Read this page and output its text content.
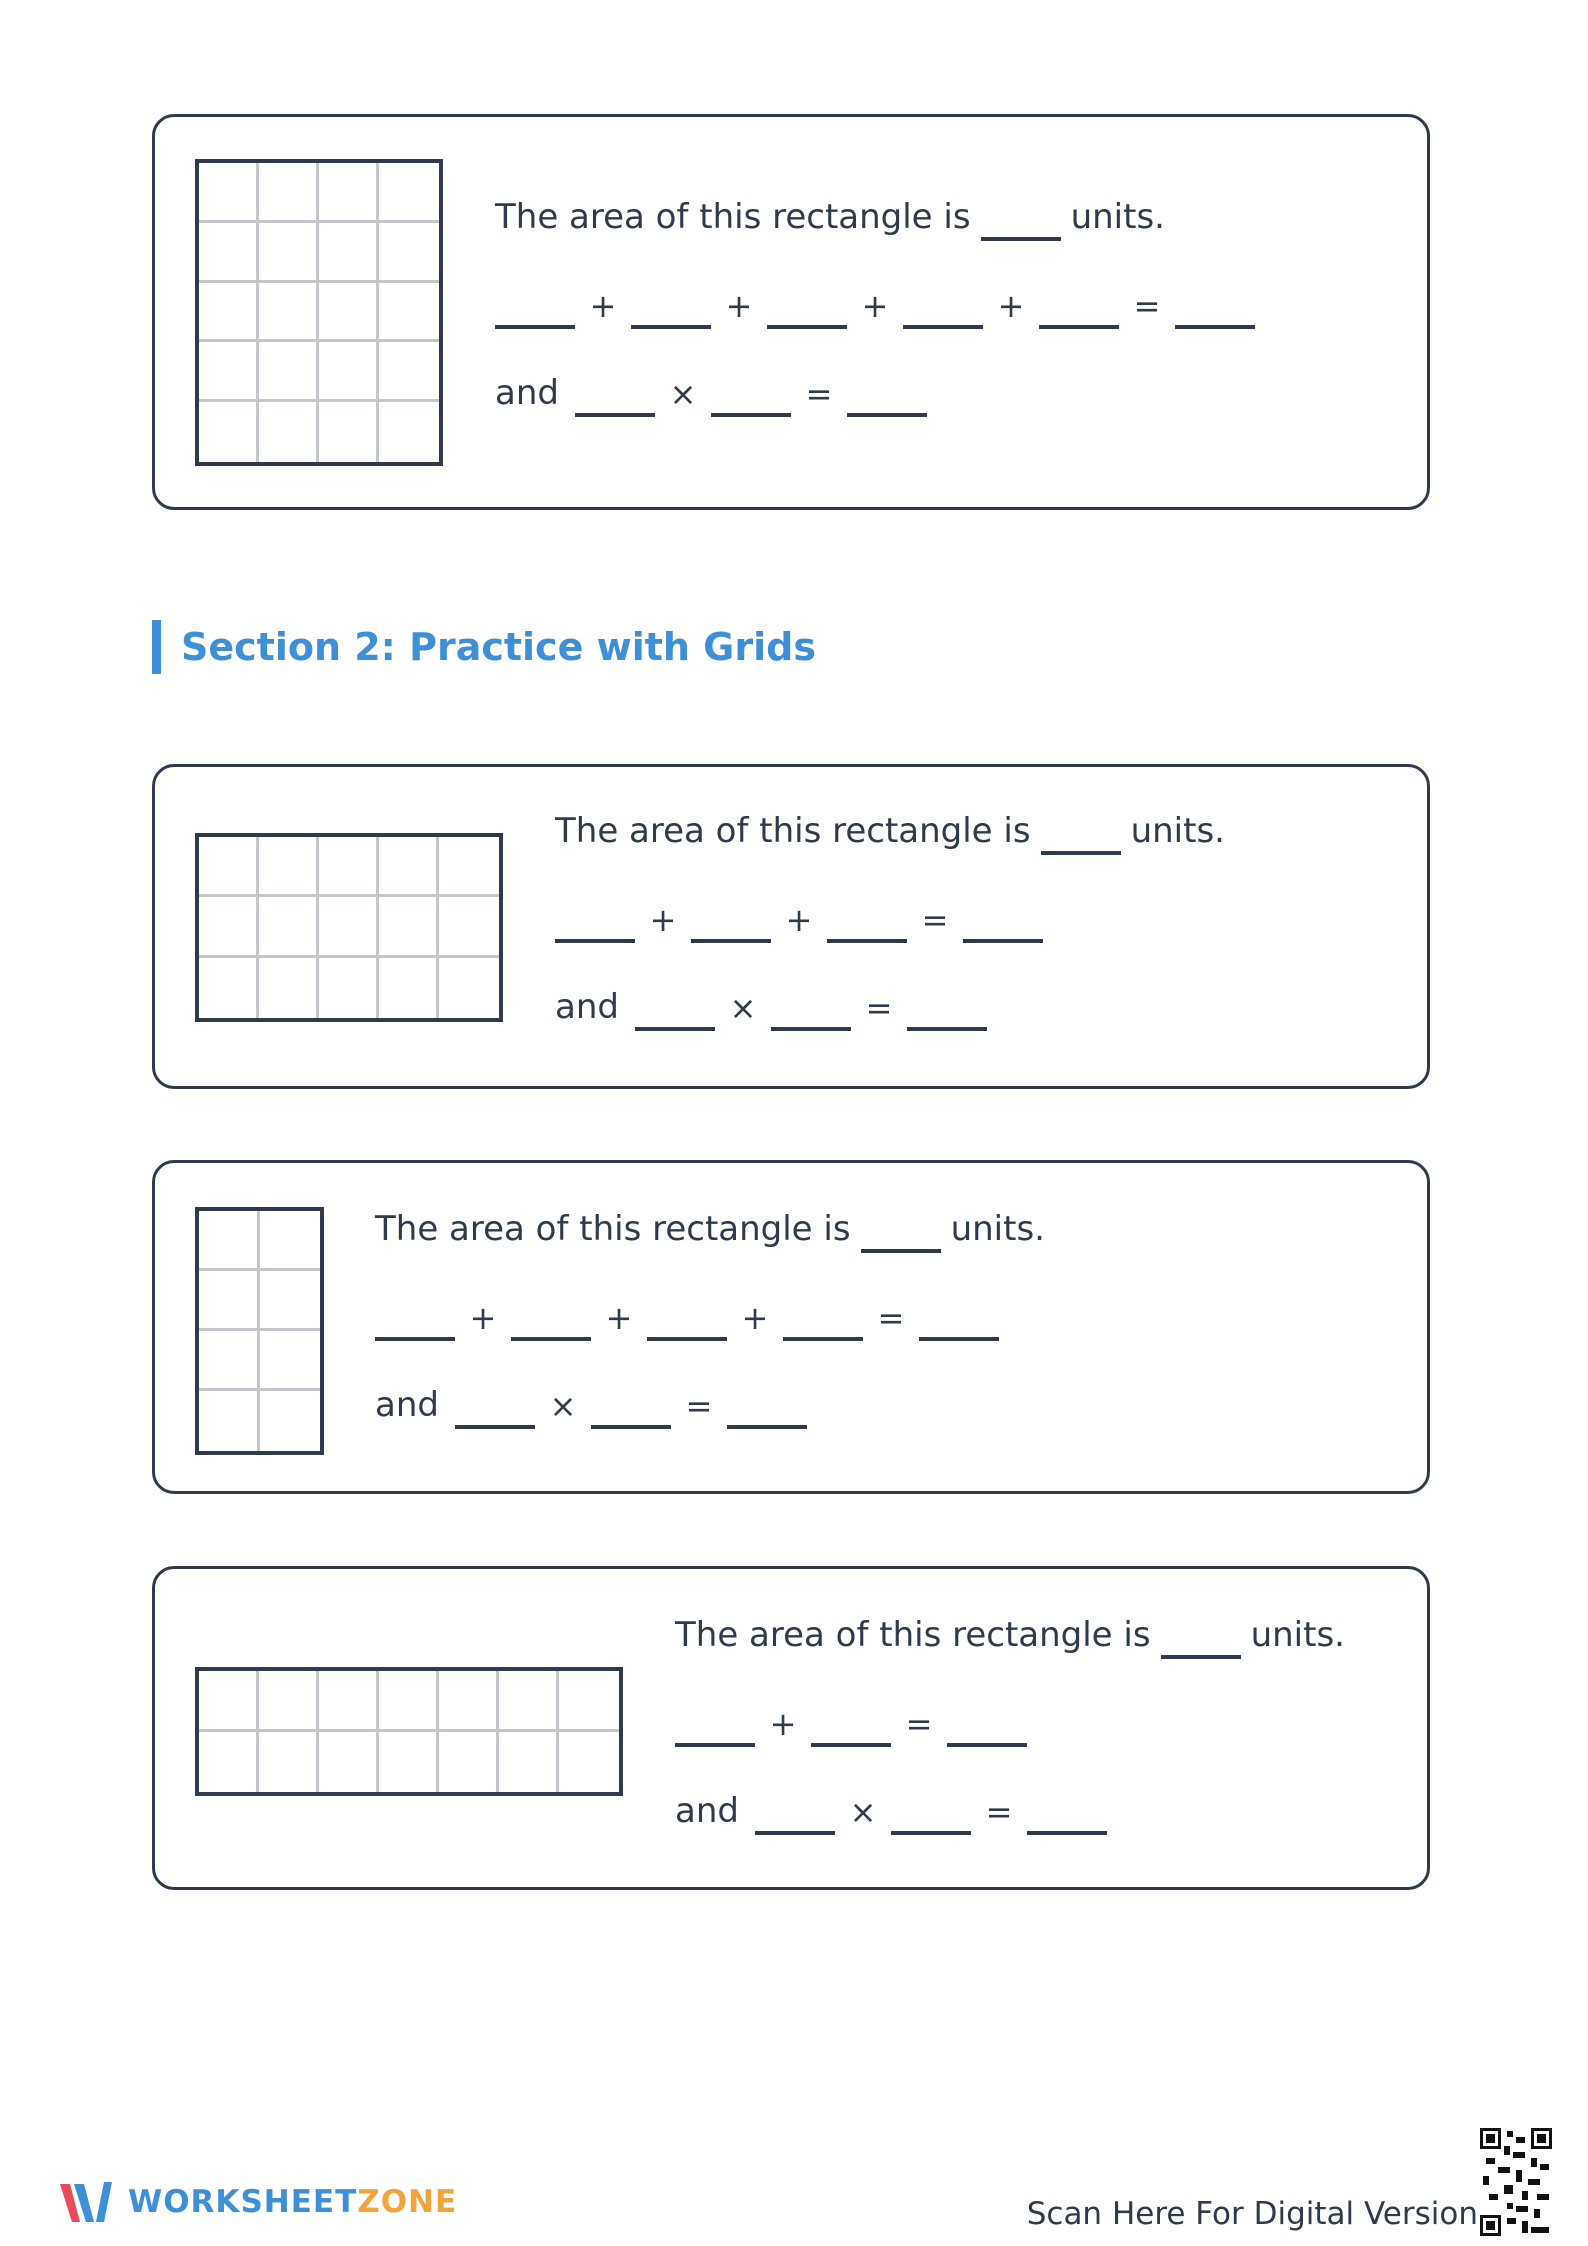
The area of this rectangle is	units.
+	+	+	+	=
and	×	=
Section 2: Practice with Grids
The area of this rectangle is	units.
+	+	=
and	×	=
The area of this rectangle is	units.
+	+	+	=
and	×	=
The area of this rectangle is	units.
+	=
and	×	=
WORKSHEETZONE	Scan Here For Digital Version
